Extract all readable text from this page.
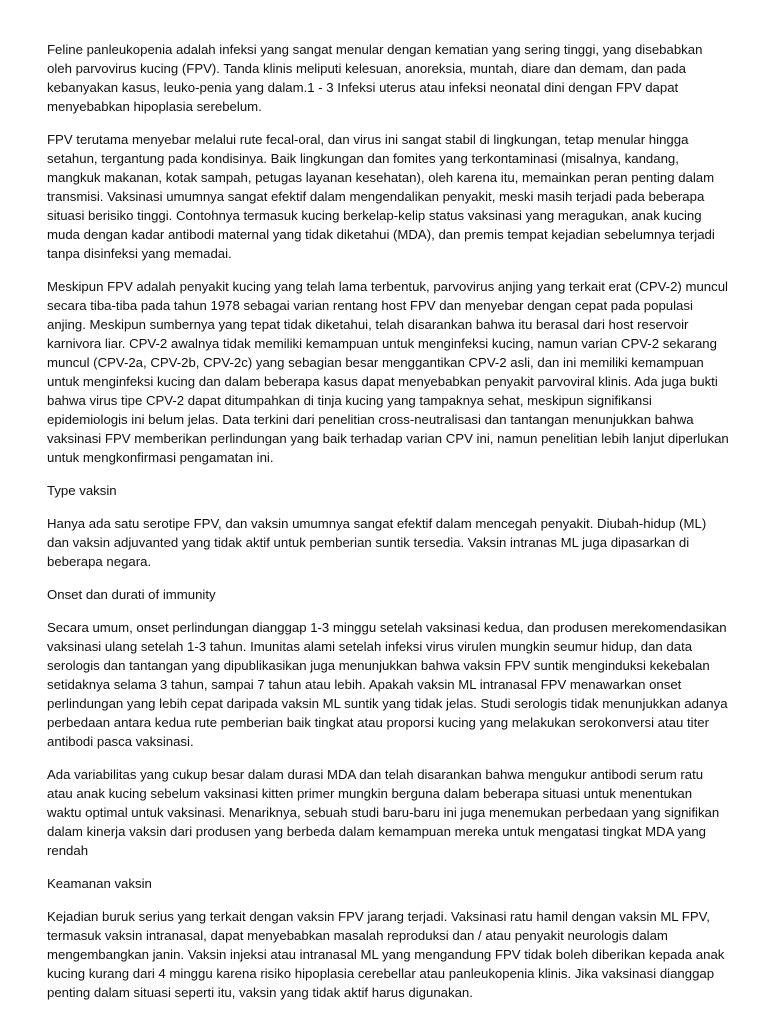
Feline panleukopenia adalah infeksi yang sangat menular dengan kematian yang sering tinggi, yang disebabkan oleh parvovirus kucing (FPV). Tanda klinis meliputi kelesuan, anoreksia, muntah, diare dan demam, dan pada kebanyakan kasus, leuko-penia yang dalam.1 - 3 Infeksi uterus atau infeksi neonatal dini dengan FPV dapat menyebabkan hipoplasia serebelum.

FPV terutama menyebar melalui rute fecal-oral, dan virus ini sangat stabil di lingkungan, tetap menular hingga setahun, tergantung pada kondisinya. Baik lingkungan dan fomites yang terkontaminasi (misalnya, kandang, mangkuk makanan, kotak sampah, petugas layanan kesehatan), oleh karena itu, memainkan peran penting dalam transmisi. Vaksinasi umumnya sangat efektif dalam mengendalikan penyakit, meski masih terjadi pada beberapa situasi berisiko tinggi. Contohnya termasuk kucing berkelap-kelip status vaksinasi yang meragukan, anak kucing muda dengan kadar antibodi maternal yang tidak diketahui (MDA), dan premis tempat kejadian sebelumnya terjadi tanpa disinfeksi yang memadai.

Meskipun FPV adalah penyakit kucing yang telah lama terbentuk, parvovirus anjing yang terkait erat (CPV-2) muncul secara tiba-tiba pada tahun 1978 sebagai varian rentang host FPV dan menyebar dengan cepat pada populasi anjing. Meskipun sumbernya yang tepat tidak diketahui, telah disarankan bahwa itu berasal dari host reservoir karnivora liar. CPV-2 awalnya tidak memiliki kemampuan untuk menginfeksi kucing, namun varian CPV-2 sekarang muncul (CPV-2a, CPV-2b, CPV-2c) yang sebagian besar menggantikan CPV-2 asli, dan ini memiliki kemampuan untuk menginfeksi kucing dan dalam beberapa kasus dapat menyebabkan penyakit parvoviral klinis. Ada juga bukti bahwa virus tipe CPV-2 dapat ditumpahkan di tinja kucing yang tampaknya sehat, meskipun signifikansi epidemiologis ini belum jelas. Data terkini dari penelitian cross-neutralisasi dan tantangan menunjukkan bahwa vaksinasi FPV memberikan perlindungan yang baik terhadap varian CPV ini, namun penelitian lebih lanjut diperlukan untuk mengkonfirmasi pengamatan ini.

Type vaksin

Hanya ada satu serotipe FPV, dan vaksin umumnya sangat efektif dalam mencegah penyakit. Diubah-hidup (ML) dan vaksin adjuvanted yang tidak aktif untuk pemberian suntik tersedia. Vaksin intranas ML juga dipasarkan di beberapa negara.

Onset dan durati of immunity

Secara umum, onset perlindungan dianggap 1-3 minggu setelah vaksinasi kedua, dan produsen merekomendasikan vaksinasi ulang setelah 1-3 tahun. Imunitas alami setelah infeksi virus virulen mungkin seumur hidup, dan data serologis dan tantangan yang dipublikasikan juga menunjukkan bahwa vaksin FPV suntik menginduksi kekebalan setidaknya selama 3 tahun, sampai 7 tahun atau lebih. Apakah vaksin ML intranasal FPV menawarkan onset perlindungan yang lebih cepat daripada vaksin ML suntik yang tidak jelas. Studi serologis tidak menunjukkan adanya perbedaan antara kedua rute pemberian baik tingkat atau proporsi kucing yang melakukan serokonversi atau titer antibodi pasca vaksinasi.

Ada variabilitas yang cukup besar dalam durasi MDA dan telah disarankan bahwa mengukur antibodi serum ratu atau anak kucing sebelum vaksinasi kitten primer mungkin berguna dalam beberapa situasi untuk menentukan waktu optimal untuk vaksinasi. Menariknya, sebuah studi baru-baru ini juga menemukan perbedaan yang signifikan dalam kinerja vaksin dari produsen yang berbeda dalam kemampuan mereka untuk mengatasi tingkat MDA yang rendah

Keamanan vaksin

Kejadian buruk serius yang terkait dengan vaksin FPV jarang terjadi. Vaksinasi ratu hamil dengan vaksin ML FPV, termasuk vaksin intranasal, dapat menyebabkan masalah reproduksi dan / atau penyakit neurologis dalam mengembangkan janin. Vaksin injeksi atau intranasal ML yang mengandung FPV tidak boleh diberikan kepada anak kucing kurang dari 4 minggu karena risiko hipoplasia cerebellar atau panleukopenia klinis. Jika vaksinasi dianggap penting dalam situasi seperti itu, vaksin yang tidak aktif harus digunakan.
